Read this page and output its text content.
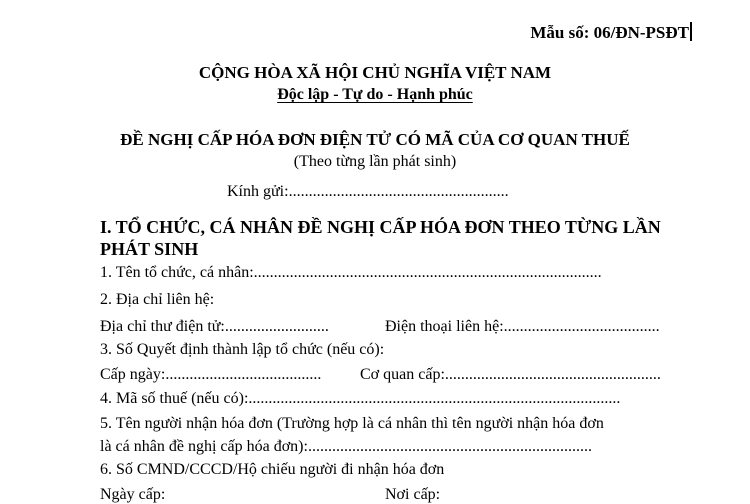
Mẫu số: 06/ĐN-PSĐT
CỘNG HÒA XÃ HỘI CHỦ NGHĨA VIỆT NAM
Độc lập - Tự do - Hạnh phúc
ĐỀ NGHỊ CẤP HÓA ĐƠN ĐIỆN TỬ CÓ MÃ CỦA CƠ QUAN THUẾ
(Theo từng lần phát sinh)
Kính gửi:.......................................................
I. TỔ CHỨC, CÁ NHÂN ĐỀ NGHỊ CẤP HÓA ĐƠN THEO TỪNG LẦN PHÁT SINH
1. Tên tổ chức, cá nhân:.......................................................................................
2. Địa chỉ liên hệ:
Địa chỉ thư điện tử:..........................	Điện thoại liên hệ:.......................................
3. Số Quyết định thành lập tổ chức (nếu có):
Cấp ngày:....................................... Cơ quan cấp:......................................................
4. Mã số thuế (nếu có):.............................................................................................
5. Tên người nhận hóa đơn (Trường hợp là cá nhân thì tên người nhận hóa đơn
là cá nhân đề nghị cấp hóa đơn):.......................................................................
6. Số CMND/CCCD/Hộ chiếu người đi nhận hóa đơn
Ngày cấp:	Nơi cấp:
